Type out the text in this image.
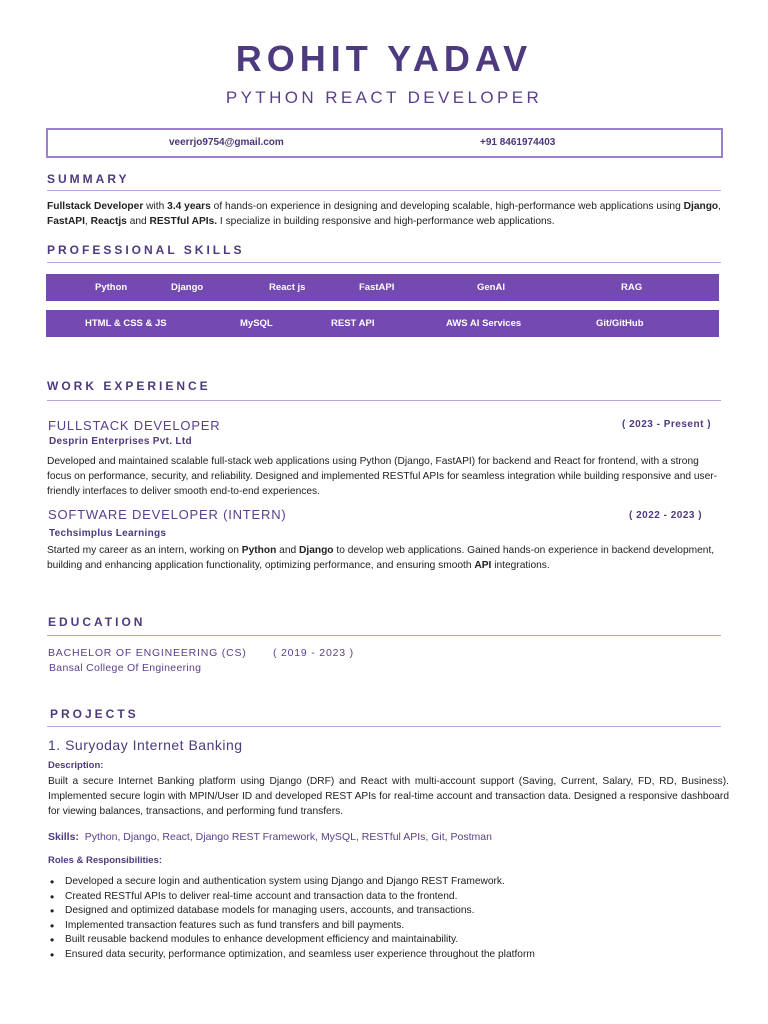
ROHIT YADAV
PYTHON REACT DEVELOPER
veerrjo9754@gmail.com	+91 8461974403
SUMMARY
Fullstack Developer with 3.4 years of hands-on experience in designing and developing scalable, high-performance web applications using Django, FastAPI, Reactjs and RESTful APIs. I specialize in building responsive and high-performance web applications.
PROFESSIONAL SKILLS
Python	Django	React js	FastAPI	GenAI	RAG
HTML & CSS & JS	MySQL	REST API	AWS AI Services	Git/GitHub
WORK EXPERIENCE
FULLSTACK DEVELOPER	( 2023 - Present )
Desprin Enterprises Pvt. Ltd
Developed and maintained scalable full-stack web applications using Python (Django, FastAPI) for backend and React for frontend, with a strong focus on performance, security, and reliability. Designed and implemented RESTful APIs for seamless integration while building responsive and user-friendly interfaces to deliver smooth end-to-end experiences.
SOFTWARE DEVELOPER (INTERN)	( 2022 - 2023 )
Techsimplus Learnings
Started my career as an intern, working on Python and Django to develop web applications. Gained hands-on experience in backend development, building and enhancing application functionality, optimizing performance, and ensuring smooth API integrations.
EDUCATION
BACHELOR OF ENGINEERING (CS)	( 2019 - 2023 )
Bansal College Of Engineering
PROJECTS
1. Suryoday Internet Banking
Description:
Built a secure Internet Banking platform using Django (DRF) and React with multi-account support (Saving, Current, Salary, FD, RD, Business). Implemented secure login with MPIN/User ID and developed REST APIs for real-time account and transaction data. Designed a responsive dashboard for viewing balances, transactions, and performing fund transfers.
Skills: Python, Django, React, Django REST Framework, MySQL, RESTful APIs, Git, Postman
Roles & Responsibilities:
• Developed a secure login and authentication system using Django and Django REST Framework.
• Created RESTful APIs to deliver real-time account and transaction data to the frontend.
• Designed and optimized database models for managing users, accounts, and transactions.
• Implemented transaction features such as fund transfers and bill payments.
• Built reusable backend modules to enhance development efficiency and maintainability.
• Ensured data security, performance optimization, and seamless user experience throughout the platform
